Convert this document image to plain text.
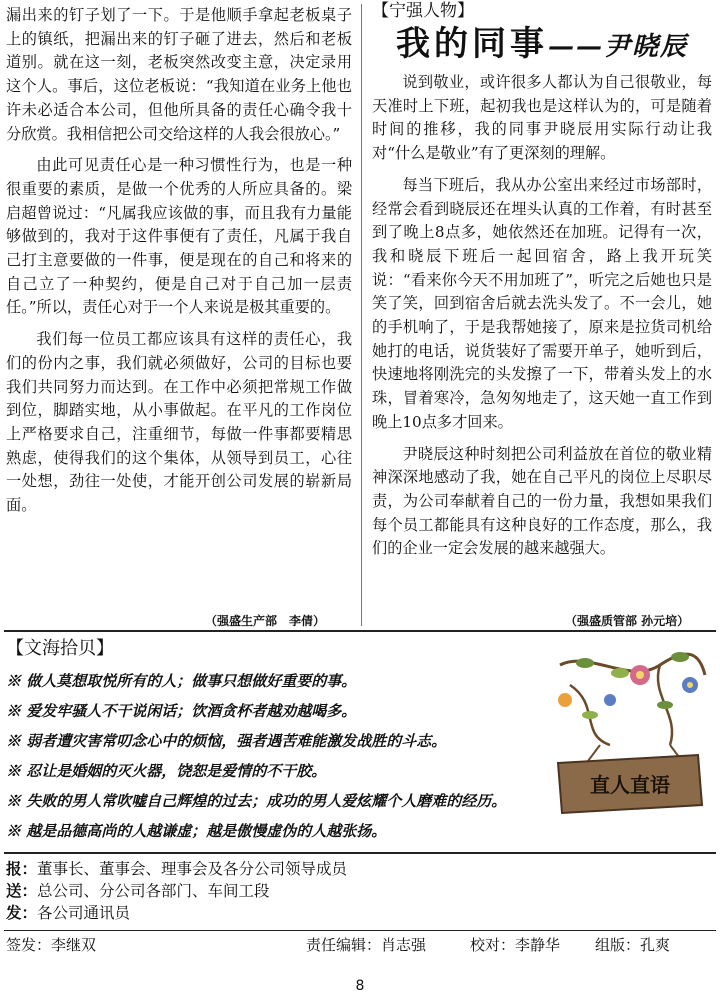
漏出来的钉子划了一下。于是他顺手拿起老板桌子上的镇纸，把漏出来的钉子砸了进去，然后和老板道别。就在这一刻，老板突然改变主意，决定录用这个人。事后，这位老板说：“我知道在业务上他也许未必适合本公司，但他所具备的责任心确令我十分欣赏。我相信把公司交给这样的人我会很放心。”

由此可见责任心是一种习惯性行为，也是一种很重要的素质，是做一个优秀的人所应具备的。梁启超曾说过：“凡属我应该做的事，而且我有力量能够做到的，我对于这件事便有了责任，凡属于我自己打主意要做的一件事，便是现在的自己和将来的自己立了一种契约，便是自己对于自己加一层责任。”所以，责任心对于一个人来说是极其重要的。

我们每一位员工都应该具有这样的责任心，我们的份内之事，我们就必须做好，公司的目标也要我们共同努力而达到。在工作中必须把常规工作做到位，脚踏实地，从小事做起。在平凡的工作岗位上严格要求自己，注重细节，每做一件事都要精思熟虑，使得我们的这个集体，从领导到员工，心往一处想，劲往一处使，才能开创公司发展的崭新局面。

（强盛生产部　李倩）
【宁强人物】
我的同事——尹晓辰

说到敬业，或许很多人都认为自己很敬业，每天准时上下班，起初我也是这样认为的，可是随着时间的推移，我的同事尹晓辰用实际行动让我对“什么是敬业”有了更深刻的理解。

每当下班后，我从办公室出来经过市场部时，经常会看到晓辰还在埋头认真的工作着，有时甚至到了晚上8点多，她依然还在加班。记得有一次，我和晓辰下班后一起回宿舍，路上我开玩笑说：“看来你今天不用加班了”，听完之后她也只是笑了笑，回到宿舍后就去洗头发了。不一会儿，她的手机响了，于是我帮她接了，原来是拉货司机给她打的电话，说货装好了需要开单子，她听到后，快速地将刚洗完的头发擦了一下，带着头发上的水珠，冒着寒冷，急匆匆地走了，这天她一直工作到晚上10点多才回来。

尹晓辰这种时刻把公司利益放在首位的敬业精神深深地感动了我，她在自己平凡的岗位上尽职尽责，为公司奉献着自己的一份力量，我想如果我们每个员工都能具有这种良好的工作态度，那么，我们的企业一定会发展的越来越强大。

（强盛质管部 孙元培）
【文海拾贝】
※ 做人莫想取悦所有的人；做事只想做好重要的事。
※ 爱发牢骚人不干说闲话；饮酒贪杯者越劝越喝多。
※ 弱者遭灾害常叨念心中的烦恼，强者遇苦难能激发战胜的斗志。
※ 忍让是婚姻的灭火器，饶恕是爱情的不干胶。
※ 失败的男人常吹嘘自己辉煌的过去；成功的男人爱炫耀个人磨难的经历。
※ 越是品德高尚的人越谦虚；越是傲慢虚伪的人越张扬。
直人直语
报：董事长、董事会、理事会及各分公司领导成员
送：总公司、分公司各部门、车间工段
发：各公司通讯员
签发：李继双	责任编辑：肖志强	校对：李静华	组版：孔爽
8
